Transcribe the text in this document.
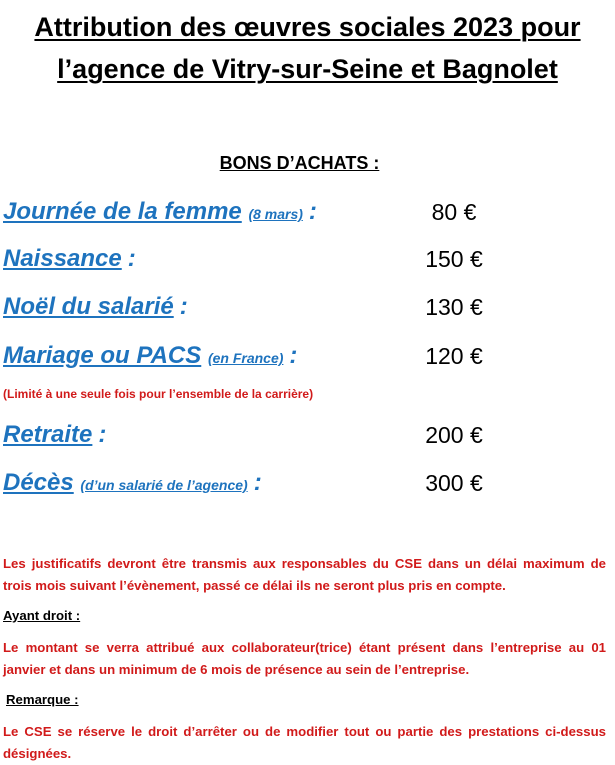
Attribution des œuvres sociales 2023 pour
l’agence de Vitry-sur-Seine et Bagnolet
BONS D’ACHATS :
Journée de la femme (8 mars) :	80 €
Naissance :	150 €
Noël du salarié :	130 €
Mariage ou PACS (en France) :	120 €
(Limité à une seule fois pour l’ensemble de la carrière)
Retraite :	200 €
Décès (d’un salarié de l’agence) :	300 €
Les justificatifs devront être transmis aux responsables du CSE dans un délai maximum de trois mois suivant l’évènement, passé ce délai ils ne seront plus pris en compte.
Ayant droit :
Le montant se verra attribué aux collaborateur(trice) étant présent dans l’entreprise au 01 janvier et dans un minimum de 6 mois de présence au sein de l’entreprise.
Remarque :
Le CSE se réserve le droit d’arrêter ou de modifier tout ou partie des prestations ci-dessus désignées.
